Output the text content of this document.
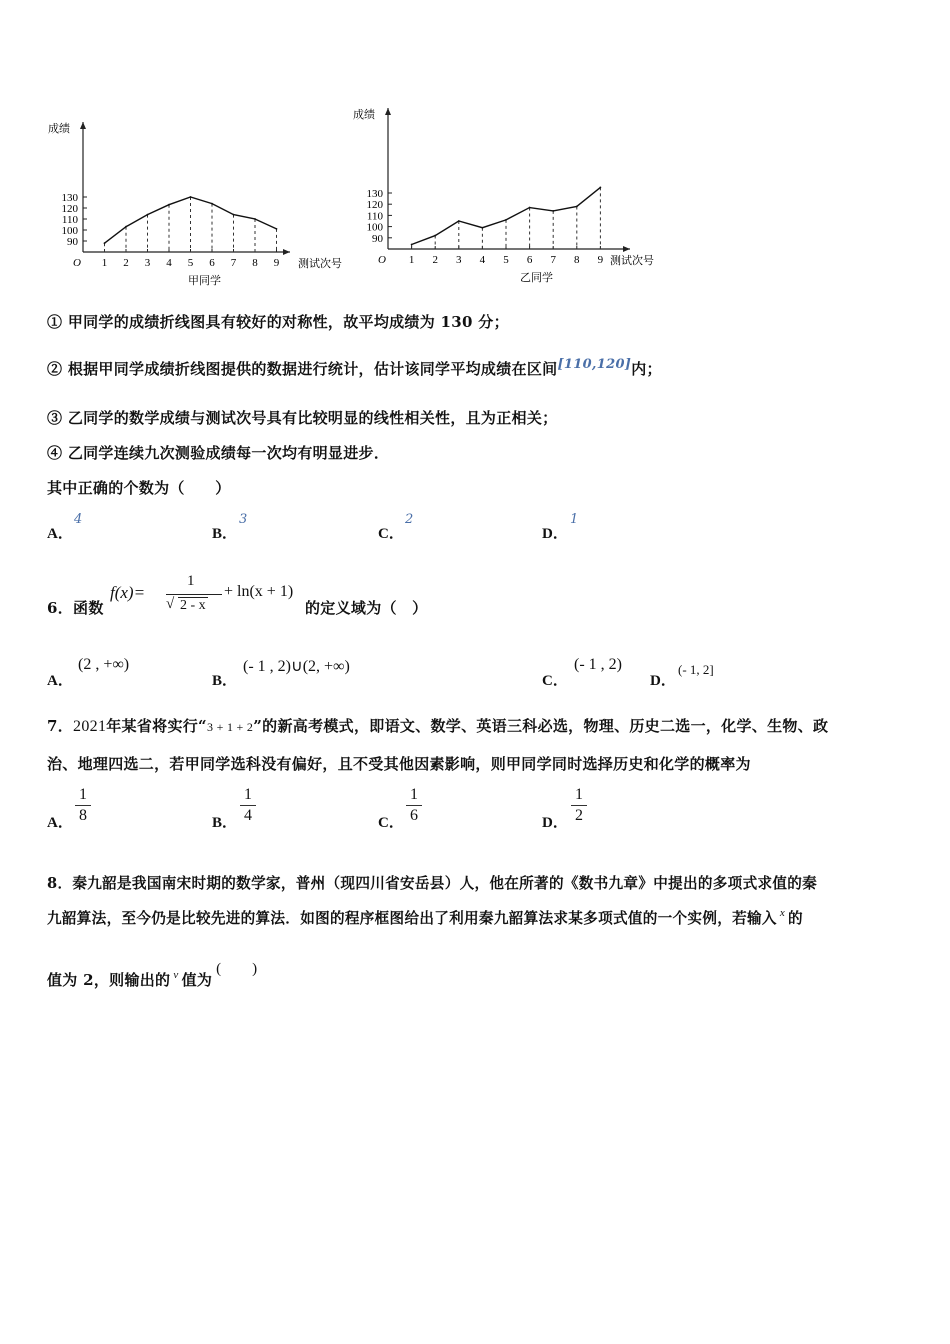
成绩
测试次号
O
甲同学
90
100
110
120
130
1 2 3 4 5 6 7 8 9
成绩
测试次号
O
乙同学
90
100
110
120
130
1 2 3 4 5 6 7 8 9
① 甲同学的成绩折线图具有较好的对称性，故平均成绩为 130 分；
② 根据甲同学成绩折线图提供的数据进行统计，估计该同学平均成绩在区间[110,120]内；
③ 乙同学的数学成绩与测试次号具有比较明显的线性相关性，且为正相关；
④ 乙同学连续九次测验成绩每一次均有明显进步．
其中正确的个数为（　　）
A．
4
B．
3
C．
2
D．
1
6．函数
f(x)=
1
√ 2 - x
+ ln(x + 1)
的定义域为（　）
A．
(2 , +∞)
B．
(- 1 , 2)∪(2, +∞)
C．
(- 1 , 2)
D．
(- 1, 2]
7．2021年某省将实行“3 + 1 + 2”的新高考模式，即语文、数学、英语三科必选，物理、历史二选一，化学、生物、政
治、地理四选二，若甲同学选科没有偏好，且不受其他因素影响，则甲同学同时选择历史和化学的概率为
A．
1
8	B．
1
4	C．
1
6	D．
1
2
8．秦九韶是我国南宋时期的数学家，普州（现四川省安岳县）人，他在所著的《数书九章》中提出的多项式求值的秦
九韶算法，至今仍是比较先进的算法．如图的程序框图给出了利用秦九韶算法求某多项式值的一个实例，若输入 $^x$ 的
值为 2，则输出的 $^v$ 值为(　　)
